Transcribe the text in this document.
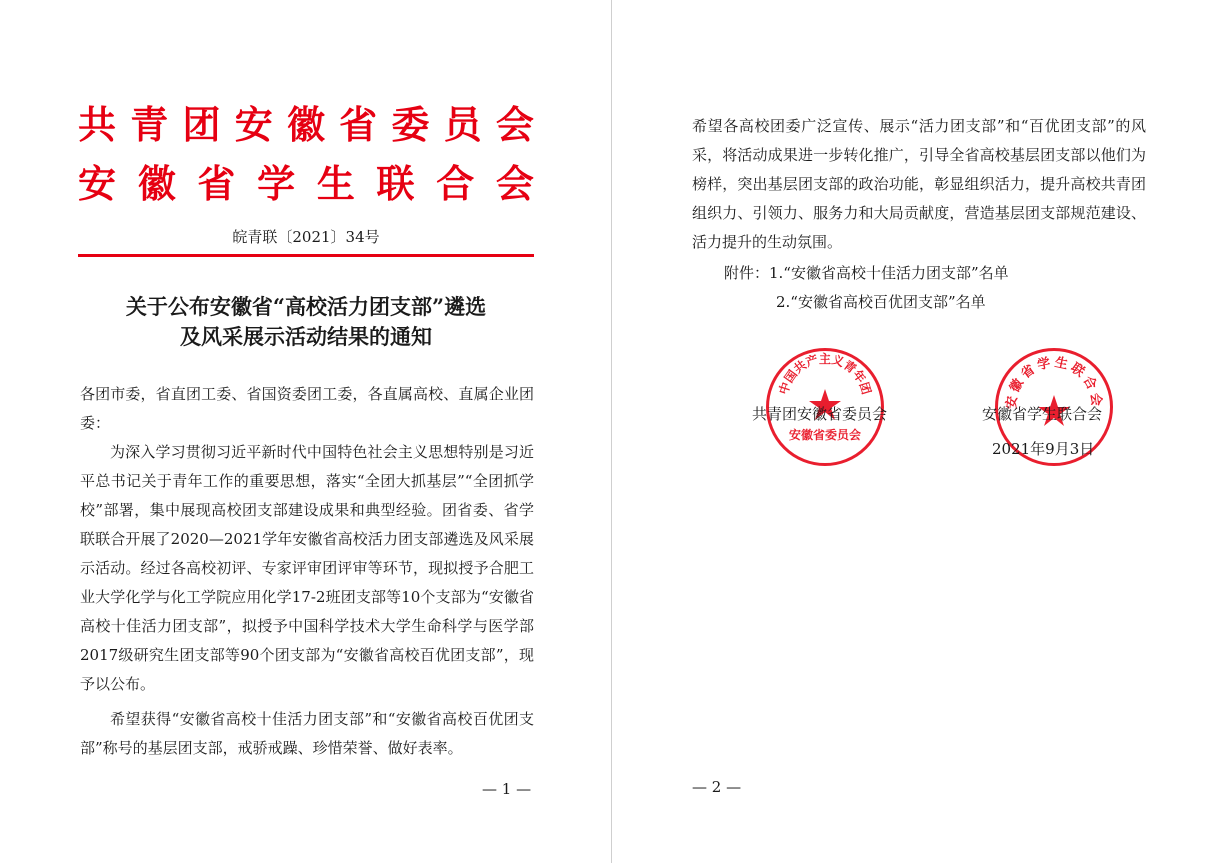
共 青 团 安 徽 省 委 员 会
安 徽 省 学 生 联 合 会
皖青联〔2021〕34号
关于公布安徽省“高校活力团支部”遴选
及风采展示活动结果的通知

各团市委，省直团工委、省国资委团工委，各直属高校、直属企业团委：

为深入学习贯彻习近平新时代中国特色社会主义思想特别是习近平总书记关于青年工作的重要思想，落实“全团大抓基层”“全团抓学校”部署，集中展现高校团支部建设成果和典型经验。团省委、省学联联合开展了2020—2021学年安徽省高校活力团支部遴选及风采展示活动。经过各高校初评、专家评审团评审等环节，现拟授予合肥工业大学化学与化工学院应用化学17-2班团支部等10个支部为“安徽省高校十佳活力团支部”，拟授予中国科学技术大学生命科学与医学部2017级研究生团支部等90个团支部为“安徽省高校百优团支部”，现予以公布。

希望获得“安徽省高校十佳活力团支部”和“安徽省高校百优团支部”称号的基层团支部，戒骄戒躁、珍惜荣誉、做好表率。

— 1 —

希望各高校团委广泛宣传、展示“活力团支部”和“百优团支部”的风采，将活动成果进一步转化推广，引导全省高校基层团支部以他们为榜样，突出基层团支部的政治功能，彰显组织活力，提升高校共青团组织力、引领力、服务力和大局贡献度，营造基层团支部规范建设、活力提升的生动氛围。

附件：1.“安徽省高校十佳活力团支部”名单
2.“安徽省高校百优团支部”名单
中国共产主义青年团
安徽省委员会
安徽省学生联合会
共青团安徽省委员会	安徽省学生联合会
2021年9月3日
— 2 —
